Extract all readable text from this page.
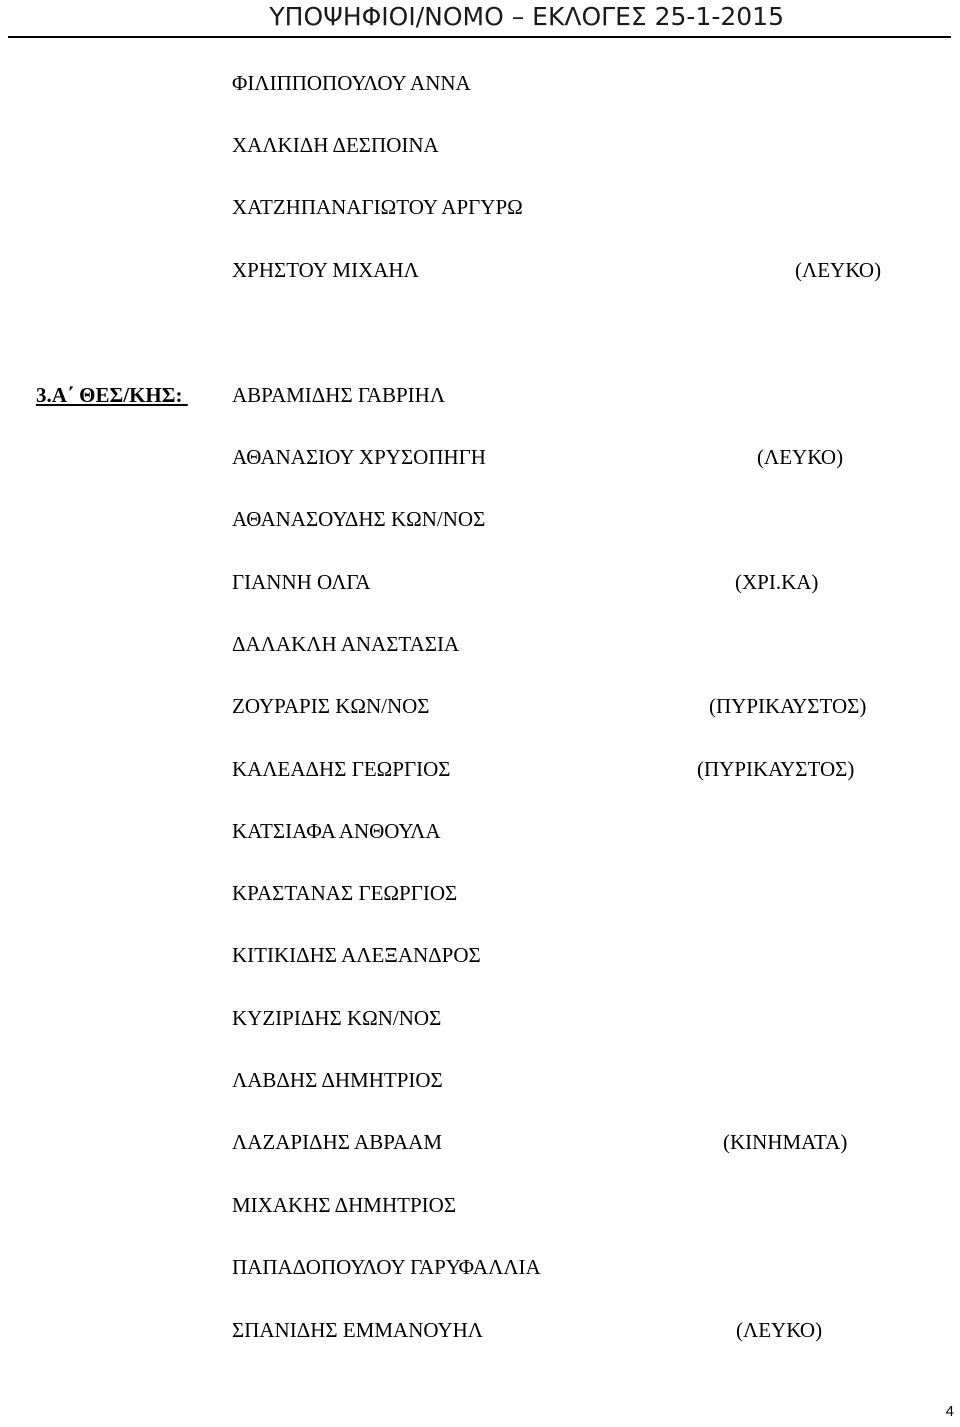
ΥΠΟΨΗΦΙΟΙ/ΝΟΜΟ – ΕΚΛΟΓΕΣ 25-1-2015
ΦΙΛΙΠΠΟΠΟΥΛΟΥ ΑΝΝΑ
ΧΑΛΚΙΔΗ ΔΕΣΠΟΙΝΑ
ΧΑΤΖΗΠΑΝΑΓΙΩΤΟΥ ΑΡΓΥΡΩ
ΧΡΗΣΤΟΥ ΜΙΧΑΗΛ	(ΛΕΥΚΟ)
3.Α΄ ΘΕΣ/ΚΗΣ: ΑΒΡΑΜΙΔΗΣ ΓΑΒΡΙΗΛ
ΑΘΑΝΑΣΙΟΥ ΧΡΥΣΟΠΗΓΗ	(ΛΕΥΚΟ)
ΑΘΑΝΑΣΟΥΔΗΣ ΚΩΝ/ΝΟΣ
ΓΙΑΝΝΗ ΟΛΓΑ	(ΧΡΙ.ΚΑ)
ΔΑΛΑΚΛΗ ΑΝΑΣΤΑΣΙΑ
ΖΟΥΡΑΡΙΣ ΚΩΝ/ΝΟΣ	(ΠΥΡΙΚΑΥΣΤΟΣ)
ΚΑΛΕΑΔΗΣ ΓΕΩΡΓΙΟΣ	(ΠΥΡΙΚΑΥΣΤΟΣ)
ΚΑΤΣΙΑΦΑ ΑΝΘΟΥΛΑ
ΚΡΑΣΤΑΝΑΣ ΓΕΩΡΓΙΟΣ
ΚΙΤΙΚΙΔΗΣ ΑΛΕΞΑΝΔΡΟΣ
ΚΥΖΙΡΙΔΗΣ ΚΩΝ/ΝΟΣ
ΛΑΒΔΗΣ ΔΗΜΗΤΡΙΟΣ
ΛΑΖΑΡΙΔΗΣ ΑΒΡΑΑΜ	(ΚΙΝΗΜΑΤΑ)
ΜΙΧΑΚΗΣ ΔΗΜΗΤΡΙΟΣ
ΠΑΠΑΔΟΠΟΥΛΟΥ ΓΑΡΥΦΑΛΛΙΑ
ΣΠΑΝΙΔΗΣ ΕΜΜΑΝΟΥΗΛ	(ΛΕΥΚΟ)
4
